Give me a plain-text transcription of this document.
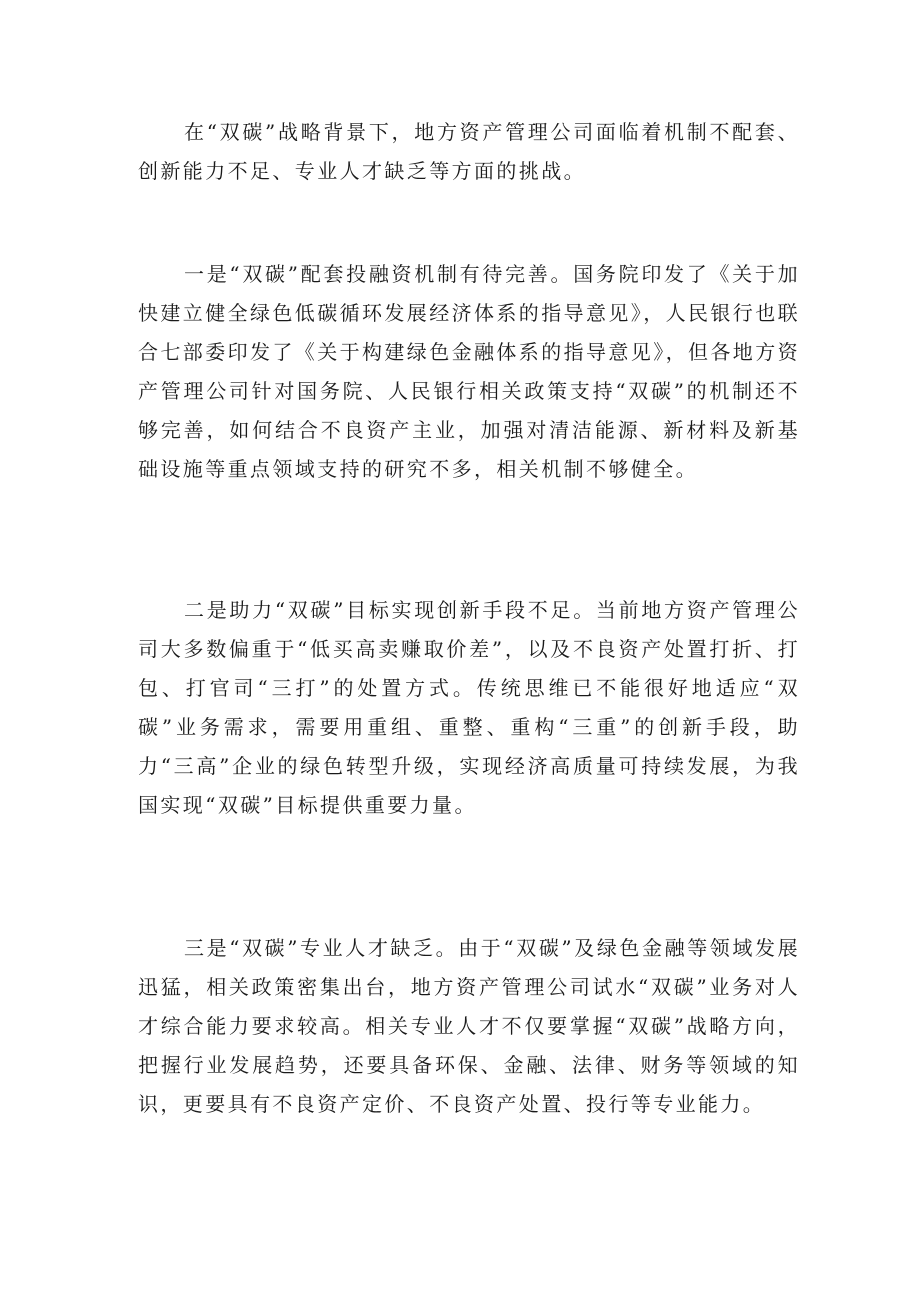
在“双碳”战略背景下，地方资产管理公司面临着机制不配套、创新能力不足、专业人才缺乏等方面的挑战。

一是“双碳”配套投融资机制有待完善。国务院印发了《关于加快建立健全绿色低碳循环发展经济体系的指导意见》，人民银行也联合七部委印发了《关于构建绿色金融体系的指导意见》，但各地方资产管理公司针对国务院、人民银行相关政策支持“双碳”的机制还不够完善，如何结合不良资产主业，加强对清洁能源、新材料及新基础设施等重点领域支持的研究不多，相关机制不够健全。

二是助力“双碳”目标实现创新手段不足。当前地方资产管理公司大多数偏重于“低买高卖赚取价差”，以及不良资产处置打折、打包、打官司“三打”的处置方式。传统思维已不能很好地适应“双碳”业务需求，需要用重组、重整、重构“三重”的创新手段，助力“三高”企业的绿色转型升级，实现经济高质量可持续发展，为我国实现“双碳”目标提供重要力量。

三是“双碳”专业人才缺乏。由于“双碳”及绿色金融等领域发展迅猛，相关政策密集出台，地方资产管理公司试水“双碳”业务对人才综合能力要求较高。相关专业人才不仅要掌握“双碳”战略方向，把握行业发展趋势，还要具备环保、金融、法律、财务等领域的知识，更要具有不良资产定价、不良资产处置、投行等专业能力。
